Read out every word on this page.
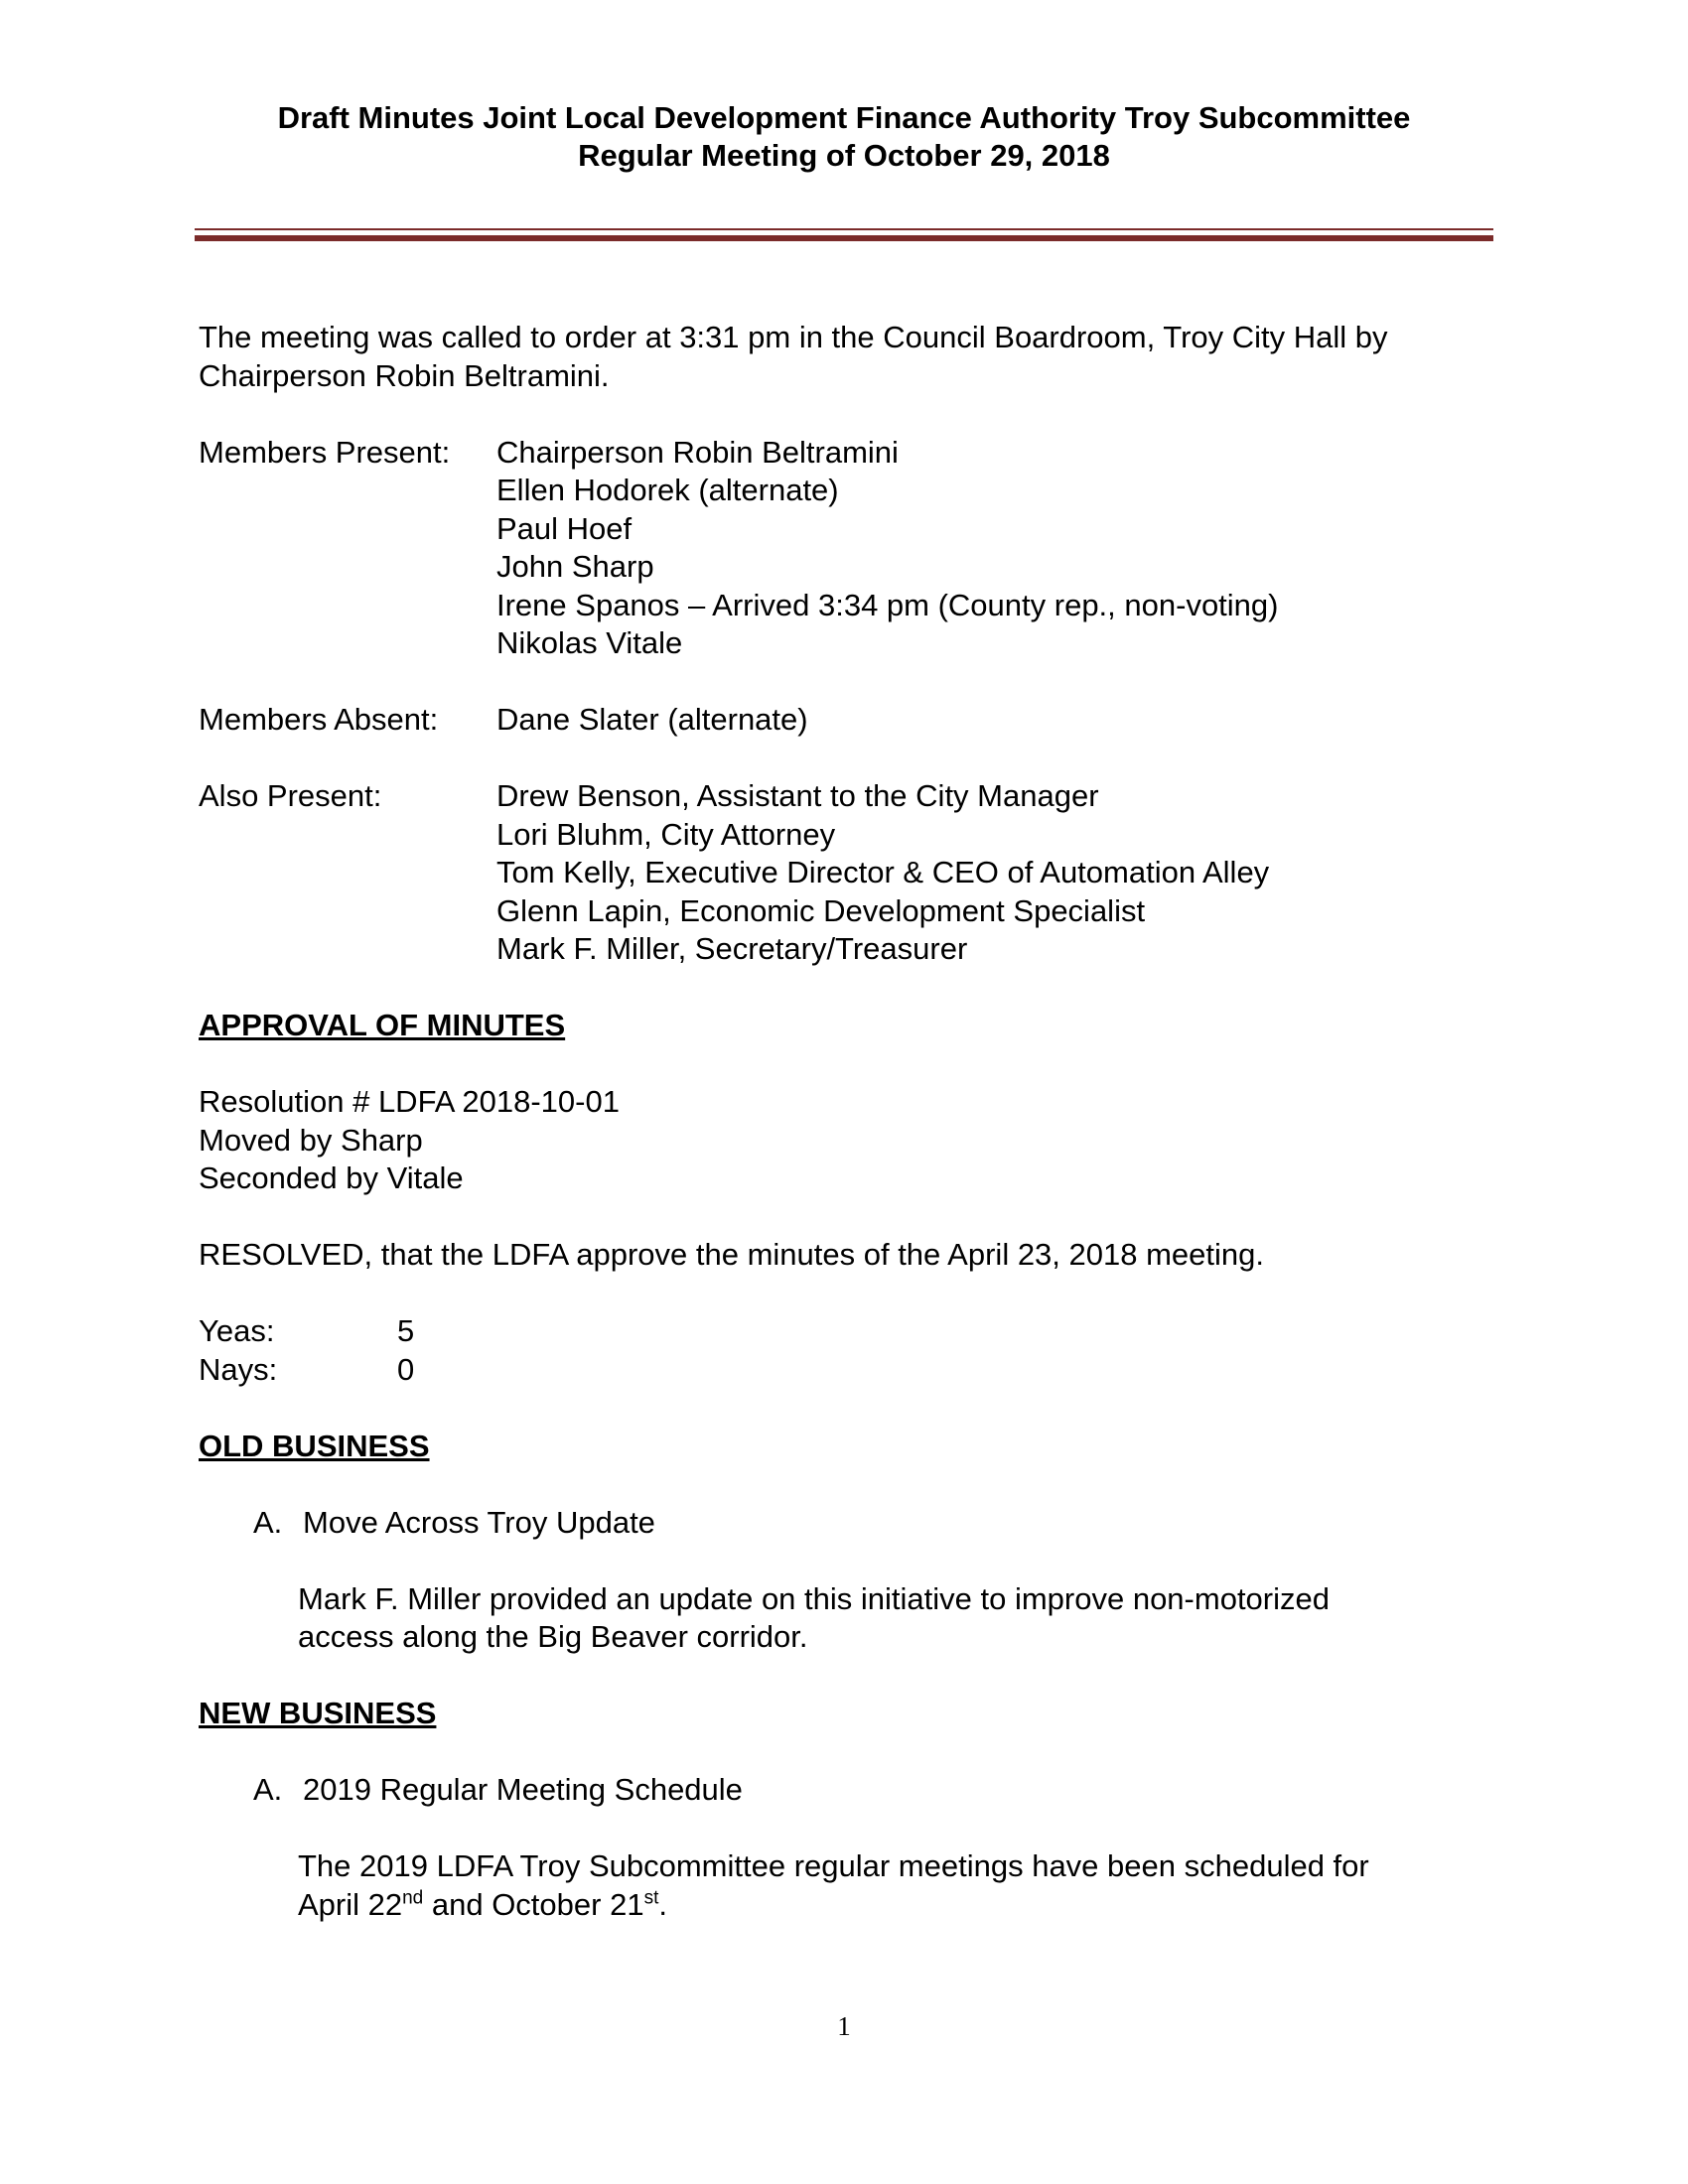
Draft Minutes Joint Local Development Finance Authority Troy Subcommittee
Regular Meeting of October 29, 2018

The meeting was called to order at 3:31 pm in the Council Boardroom, Troy City Hall by

Chairperson Robin Beltramini.

Members Present:	Chairperson Robin Beltramini

Ellen Hodorek (alternate)

Paul Hoef

John Sharp

Irene Spanos – Arrived 3:34 pm (County rep., non-voting)

Nikolas Vitale

Members Absent:	Dane Slater (alternate)

Also Present:	Drew Benson, Assistant to the City Manager

Lori Bluhm, City Attorney

Tom Kelly, Executive Director & CEO of Automation Alley

Glenn Lapin, Economic Development Specialist

Mark F. Miller, Secretary/Treasurer

APPROVAL OF MINUTES

Resolution # LDFA 2018-10-01

Moved by Sharp

Seconded by Vitale

RESOLVED, that the LDFA approve the minutes of the April 23, 2018 meeting.

Yeas:	5
Nays:	0

OLD BUSINESS

A. Move Across Troy Update

Mark F. Miller provided an update on this initiative to improve non-motorized

access along the Big Beaver corridor.

NEW BUSINESS

A. 2019 Regular Meeting Schedule

The 2019 LDFA Troy Subcommittee regular meetings have been scheduled for

April 22nd and October 21st.

1
